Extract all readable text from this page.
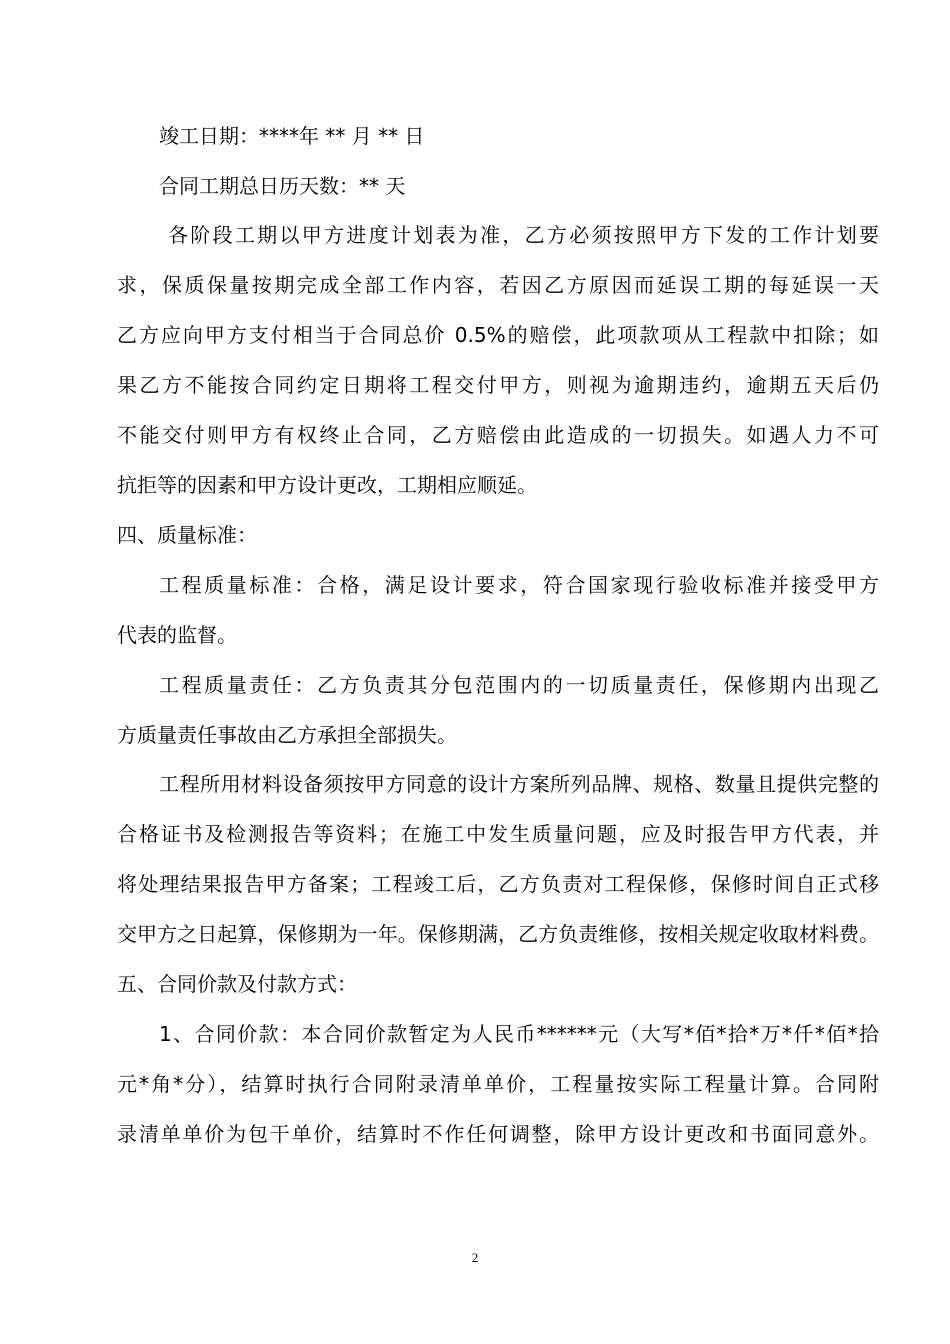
竣工日期：****年 ** 月 ** 日
合同工期总日历天数：** 天
各阶段工期以甲方进度计划表为准，乙方必须按照甲方下发的工作计划要
求，保质保量按期完成全部工作内容，若因乙方原因而延误工期的每延误一天
乙方应向甲方支付相当于合同总价 0.5%的赔偿，此项款项从工程款中扣除；如
果乙方不能按合同约定日期将工程交付甲方，则视为逾期违约，逾期五天后仍
不能交付则甲方有权终止合同，乙方赔偿由此造成的一切损失。如遇人力不可
抗拒等的因素和甲方设计更改，工期相应顺延。
四、质量标准：
工程质量标准：合格，满足设计要求，符合国家现行验收标准并接受甲方
代表的监督。
工程质量责任：乙方负责其分包范围内的一切质量责任，保修期内出现乙
方质量责任事故由乙方承担全部损失。
工程所用材料设备须按甲方同意的设计方案所列品牌、规格、数量且提供完整的
合格证书及检测报告等资料；在施工中发生质量问题，应及时报告甲方代表，并
将处理结果报告甲方备案；工程竣工后，乙方负责对工程保修，保修时间自正式移
交甲方之日起算，保修期为一年。保修期满，乙方负责维修，按相关规定收取材料费。
五、合同价款及付款方式：
1、合同价款：本合同价款暂定为人民币******元（大写*佰*拾*万*仟*佰*拾
元*角*分），结算时执行合同附录清单单价，工程量按实际工程量计算。合同附
录清单单价为包干单价，结算时不作任何调整，除甲方设计更改和书面同意外。
2
